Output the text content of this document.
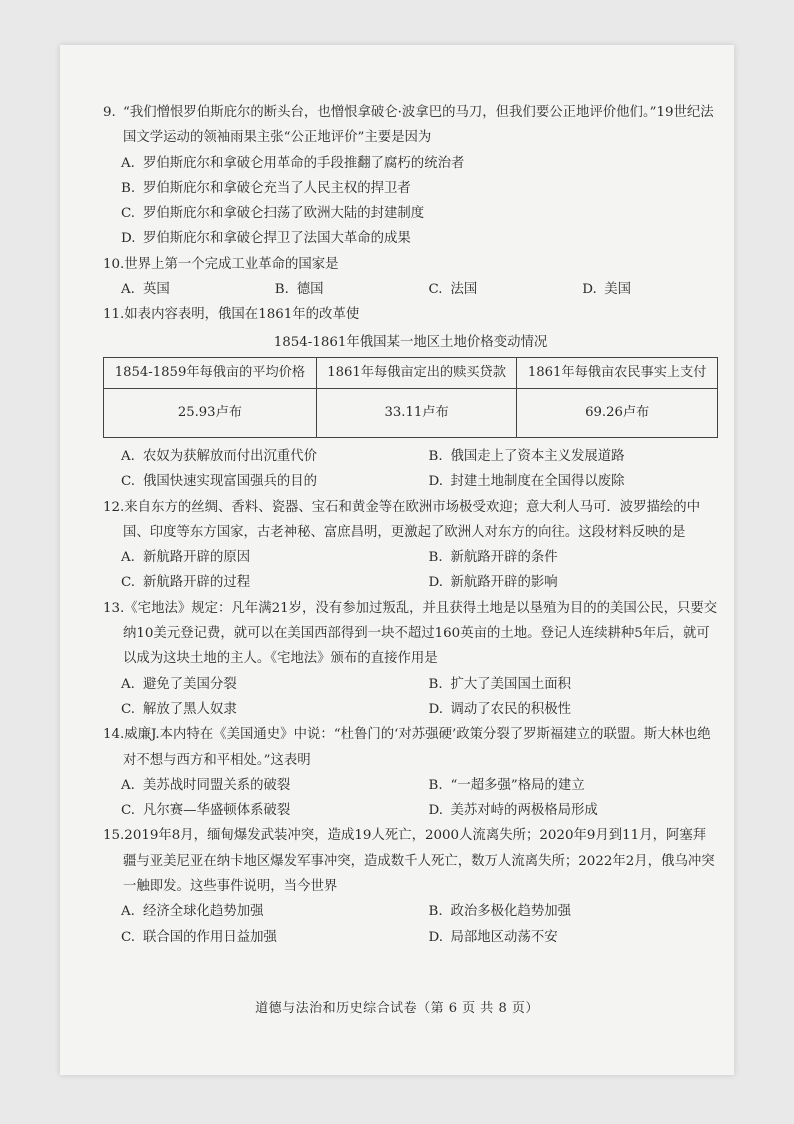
9. “我们憎恨罗伯斯庇尔的断头台，也憎恨拿破仑·波拿巴的马刀，但我们要公正地评价他们。”19世纪法国文学运动的领袖雨果主张“公正地评价”主要是因为

A. 罗伯斯庇尔和拿破仑用革命的手段推翻了腐朽的统治者

B. 罗伯斯庇尔和拿破仑充当了人民主权的捍卫者

C. 罗伯斯庇尔和拿破仑扫荡了欧洲大陆的封建制度

D. 罗伯斯庇尔和拿破仑捍卫了法国大革命的成果

10.世界上第一个完成工业革命的国家是

A. 英国	B. 德国	C. 法国	D. 美国

11.如表内容表明，俄国在1861年的改革使

1854-1861年俄国某一地区土地价格变动情况

1854-1859年每俄亩的平均价格	1861年每俄亩定出的赎买贷款	1861年每俄亩农民事实上支付
25.93卢布	33.11卢布	69.26卢布
A. 农奴为获解放而付出沉重代价	B. 俄国走上了资本主义发展道路
C. 俄国快速实现富国强兵的目的	D. 封建土地制度在全国得以废除

12.来自东方的丝绸、香料、瓷器、宝石和黄金等在欧洲市场极受欢迎；意大利人马可．波罗描绘的中国、印度等东方国家，古老神秘、富庶昌明，更激起了欧洲人对东方的向往。这段材料反映的是

A. 新航路开辟的原因	B. 新航路开辟的条件
C. 新航路开辟的过程	D. 新航路开辟的影响

13.《宅地法》规定：凡年满21岁，没有参加过叛乱，并且获得土地是以垦殖为目的的美国公民，只要交纳10美元登记费，就可以在美国西部得到一块不超过160英亩的土地。登记人连续耕种5年后，就可以成为这块土地的主人。《宅地法》颁布的直接作用是

A. 避免了美国分裂	B. 扩大了美国国土面积
C. 解放了黑人奴隶	D. 调动了农民的积极性

14.威廉J.本内特在《美国通史》中说：“杜鲁门的‘对苏强硬’政策分裂了罗斯福建立的联盟。斯大林也绝对不想与西方和平相处。”这表明

A. 美苏战时同盟关系的破裂	B. “一超多强”格局的建立
C. 凡尔赛—华盛顿体系破裂	D. 美苏对峙的两极格局形成

15.2019年8月，缅甸爆发武装冲突，造成19人死亡，2000人流离失所；2020年9月到11月，阿塞拜疆与亚美尼亚在纳卡地区爆发军事冲突，造成数千人死亡，数万人流离失所；2022年2月，俄乌冲突一触即发。这些事件说明，当今世界

A. 经济全球化趋势加强	B. 政治多极化趋势加强
C. 联合国的作用日益加强	D. 局部地区动荡不安
道德与法治和历史综合试卷（第 6 页 共 8 页）
